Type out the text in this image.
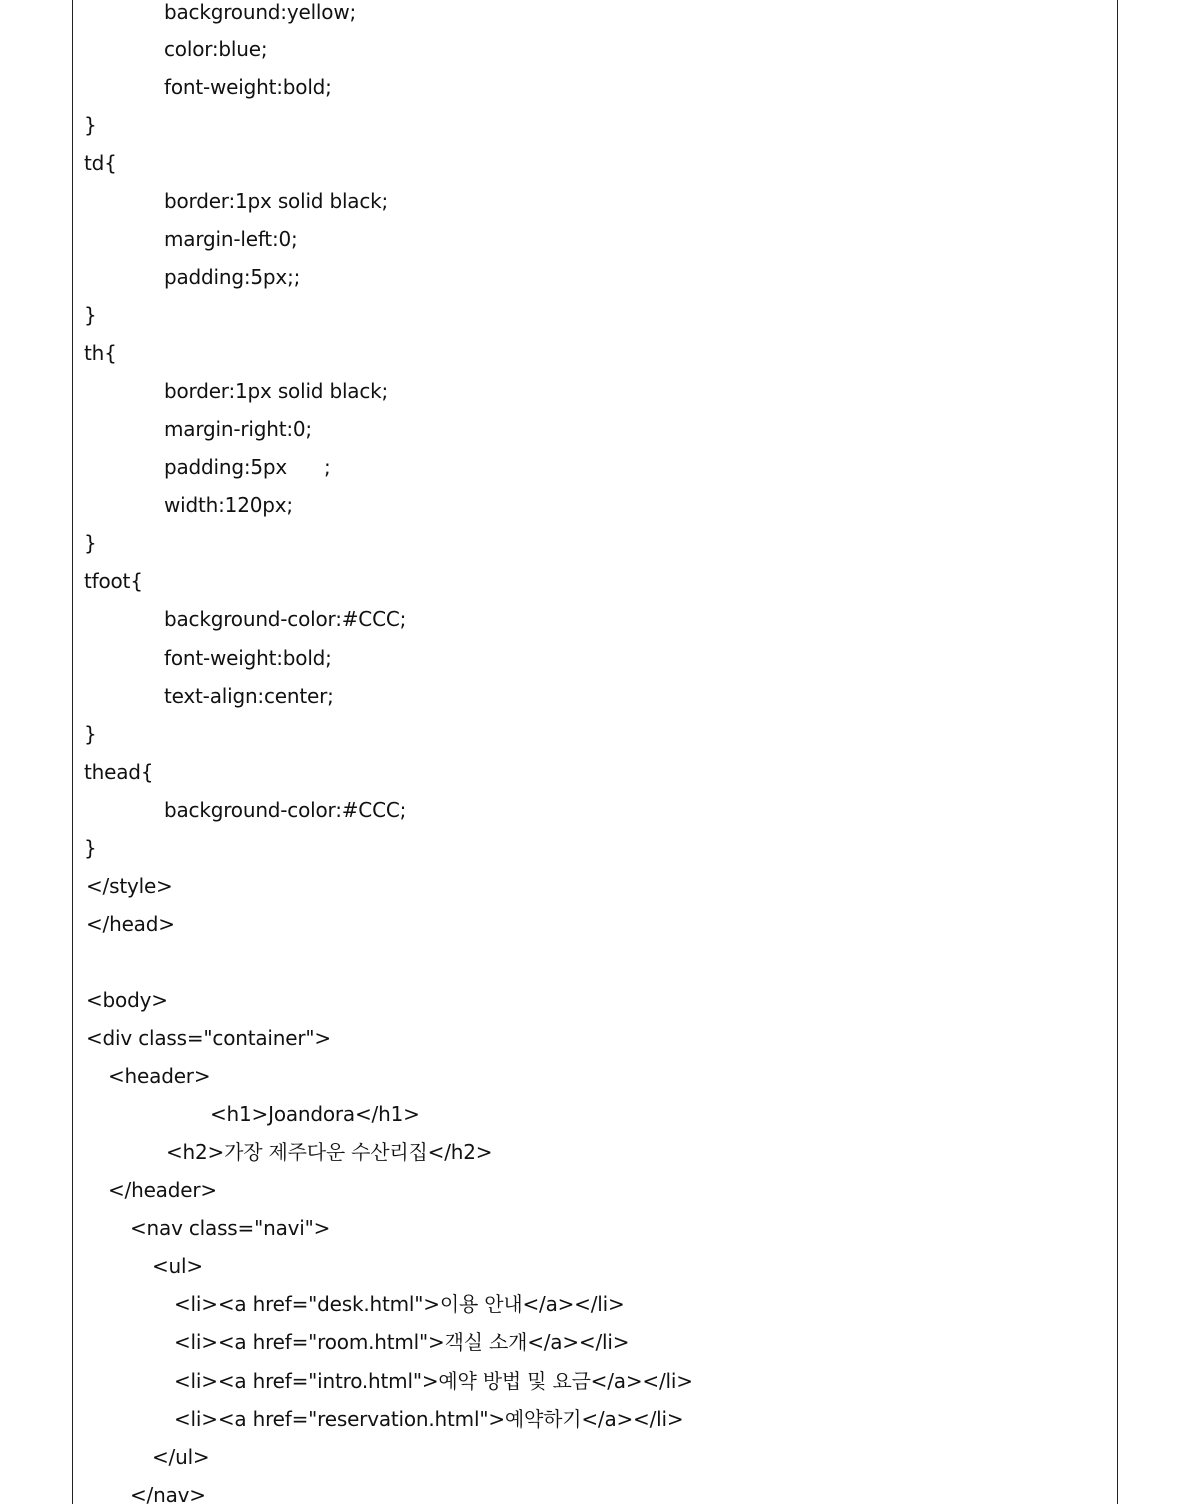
background:yellow;
color:blue;
font-weight:bold;
}
td{
border:1px solid black;
margin-left:0;
padding:5px;;
}
th{
border:1px solid black;
margin-right:0;
padding:5px      ;
width:120px;
}
tfoot{
background-color:#CCC;
font-weight:bold;
text-align:center;
}
thead{
background-color:#CCC;
}
</style>
</head>
<body>
<div class="container">
<header>
<h1>Joandora</h1>
<h2>가장 제주다운 수산리집</h2>
</header>
<nav class="navi">
<ul>
<li><a href="desk.html">이용 안내</a></li>
<li><a href="room.html">객실 소개</a></li>
<li><a href="intro.html">예약 방법 및 요금</a></li>
<li><a href="reservation.html">예약하기</a></li>
</ul>
</nav>
